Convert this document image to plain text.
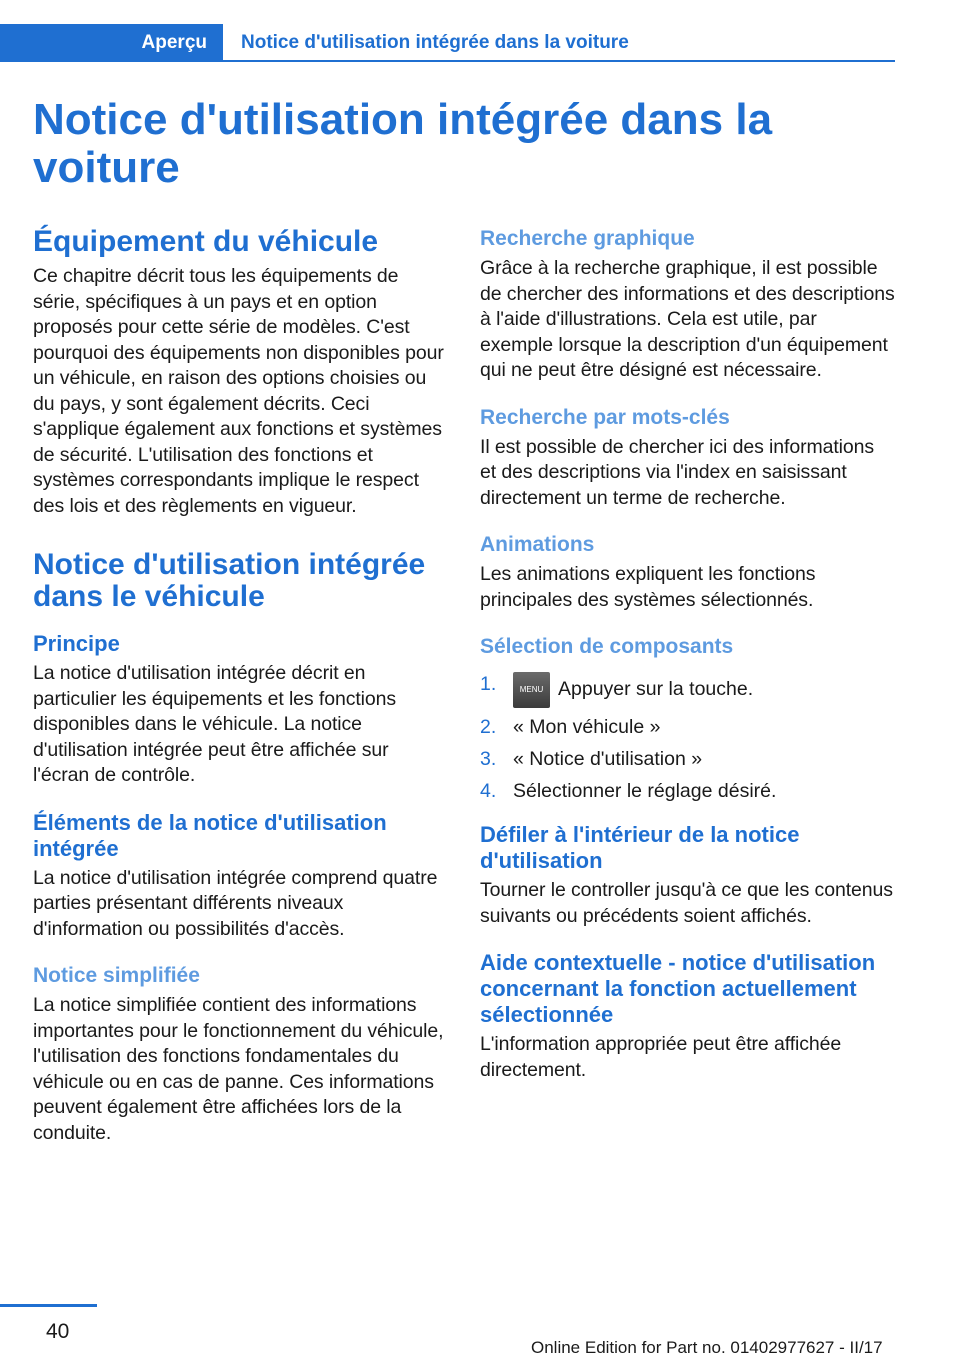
Aperçu Notice d'utilisation intégrée dans la voiture
Notice d'utilisation intégrée dans la voiture
Équipement du véhicule

Ce chapitre décrit tous les équipements de série, spécifiques à un pays et en option proposés pour cette série de modèles. C'est pourquoi des équipements non disponibles pour un véhicule, en raison des options choisies ou du pays, y sont également décrits. Ceci s'applique également aux fonctions et systèmes de sécurité. L'utilisation des fonctions et systèmes correspondants implique le respect des lois et des règlements en vigueur.

Notice d'utilisation intégrée dans le véhicule
Principe

La notice d'utilisation intégrée décrit en particulier les équipements et les fonctions disponibles dans le véhicule. La notice d'utilisation intégrée peut être affichée sur l'écran de contrôle.

Éléments de la notice d'utilisation intégrée

La notice d'utilisation intégrée comprend quatre parties présentant différents niveaux d'information ou possibilités d'accès.

Notice simplifiée

La notice simplifiée contient des informations importantes pour le fonctionnement du véhicule, l'utilisation des fonctions fondamentales du véhicule ou en cas de panne. Ces informations peuvent également être affichées lors de la conduite.

Recherche graphique

Grâce à la recherche graphique, il est possible de chercher des informations et des descriptions à l'aide d'illustrations. Cela est utile, par exemple lorsque la description d'un équipement qui ne peut être désigné est nécessaire.

Recherche par mots-clés

Il est possible de chercher ici des informations et des descriptions via l'index en saisissant directement un terme de recherche.

Animations

Les animations expliquent les fonctions principales des systèmes sélectionnés.

Sélection de composants
1.	MENU Appuyer sur la touche.
2. « Mon véhicule »
3. « Notice d'utilisation »
4. Sélectionner le réglage désiré.
Défiler à l'intérieur de la notice d'utilisation

Tourner le controller jusqu'à ce que les contenus suivants ou précédents soient affichés.

Aide contextuelle - notice d'utilisation concernant la fonction actuellement sélectionnée

L'information appropriée peut être affichée directement.

40
Online Edition for Part no. 01402977627 - II/17
